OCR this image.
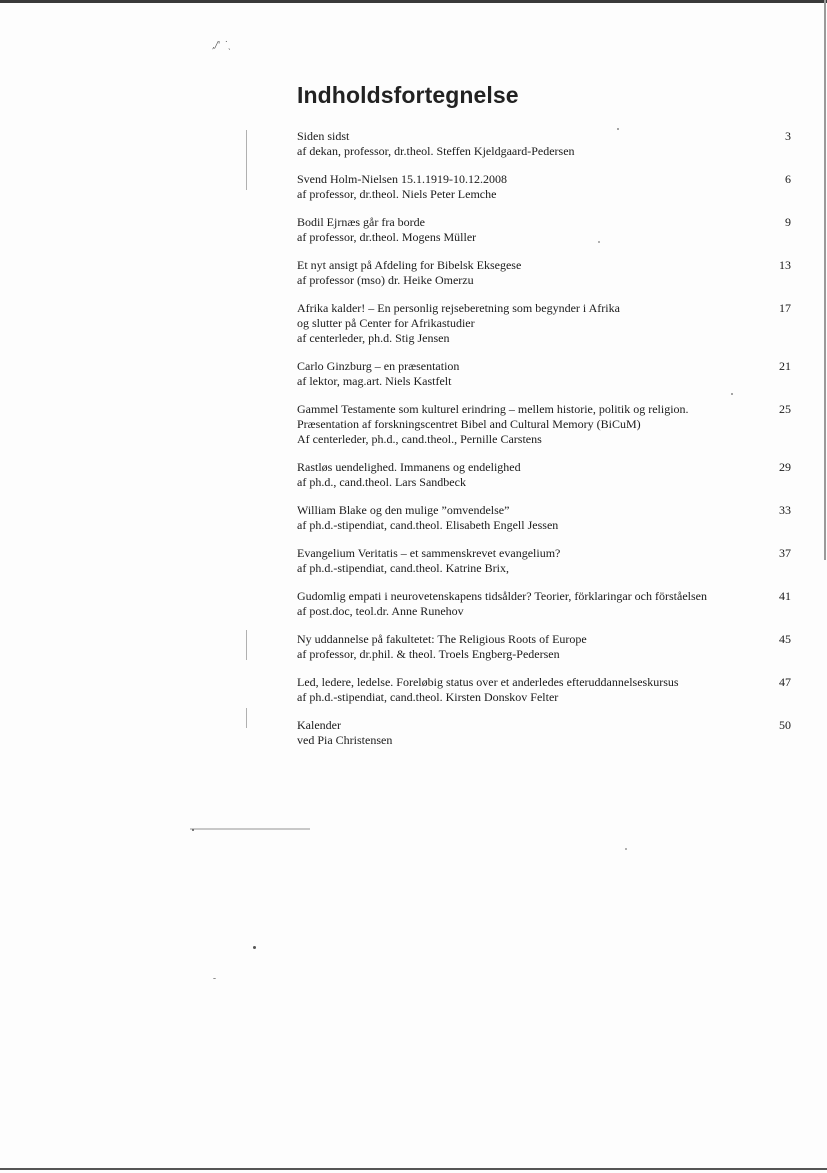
,/' ˙ˎ
Indholdsfortegnelse
Siden sidst
af dekan, professor, dr.theol. Steffen Kjeldgaard-Pedersen
3
Svend Holm-Nielsen 15.1.1919-10.12.2008
af professor, dr.theol. Niels Peter Lemche
6
Bodil Ejrnæs går fra borde
af professor, dr.theol. Mogens Müller
9
Et nyt ansigt på Afdeling for Bibelsk Eksegese
af professor (mso) dr. Heike Omerzu
13
Afrika kalder! – En personlig rejseberetning som begynder i Afrika
og slutter på Center for Afrikastudier
af centerleder, ph.d. Stig Jensen
17
Carlo Ginzburg – en præsentation
af lektor, mag.art. Niels Kastfelt
21
Gammel Testamente som kulturel erindring – mellem historie, politik og religion.
Præsentation af forskningscentret Bibel and Cultural Memory (BiCuM)
Af centerleder, ph.d., cand.theol., Pernille Carstens
25
Rastløs uendelighed. Immanens og endelighed
af ph.d., cand.theol. Lars Sandbeck
29
William Blake og den mulige ”omvendelse”
af ph.d.-stipendiat, cand.theol. Elisabeth Engell Jessen
33
Evangelium Veritatis – et sammenskrevet evangelium?
af ph.d.-stipendiat, cand.theol. Katrine Brix,
37
Gudomlig empati i neurovetenskapens tidsålder? Teorier, förklaringar och förståelsen
af post.doc, teol.dr. Anne Runehov
41
Ny uddannelse på fakultetet: The Religious Roots of Europe
af professor, dr.phil. & theol. Troels Engberg-Pedersen
45
Led, ledere, ledelse. Foreløbig status over et anderledes efteruddannelseskursus
af ph.d.-stipendiat, cand.theol. Kirsten Donskov Felter
47
Kalender
ved Pia Christensen
50
